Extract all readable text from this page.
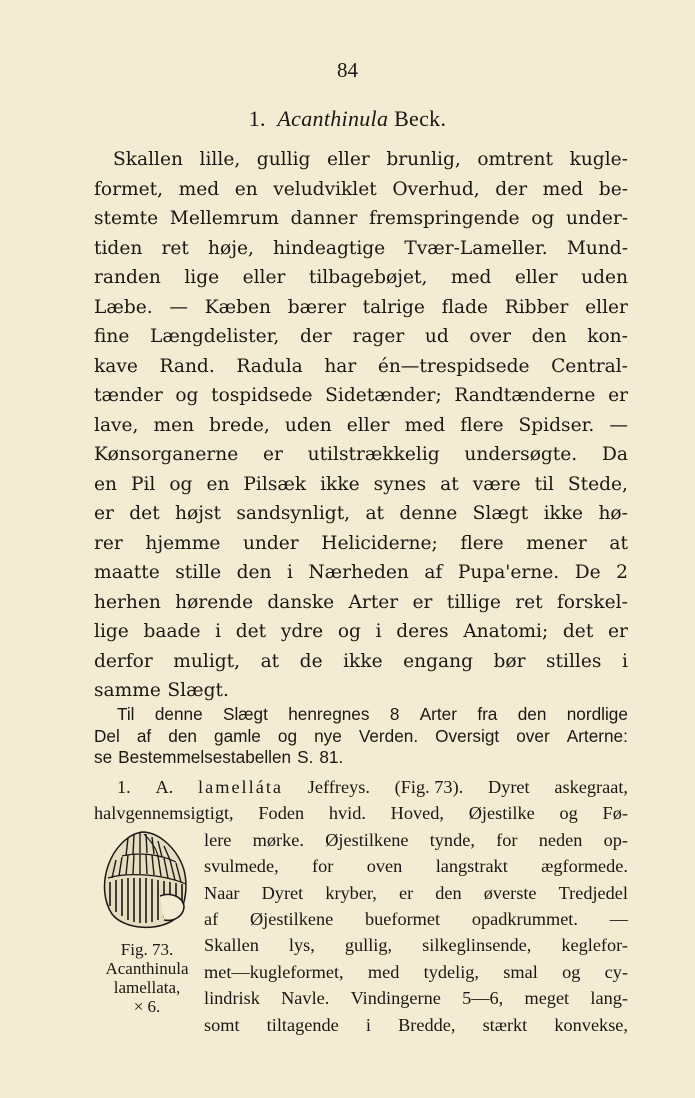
84
1. Acanthinula Beck.
Skallen lille, gullig eller brunlig, omtrent kugle-
formet, med en veludviklet Overhud, der med be-
stemte Mellemrum danner fremspringende og under-
tiden ret høje, hindeagtige Tvær-Lameller. Mund-
randen lige eller tilbagebøjet, med eller uden
Læbe. — Kæben bærer talrige flade Ribber eller
fine Længdelister, der rager ud over den kon-
kave Rand. Radula har én—trespidsede Central-
tænder og tospidsede Sidetænder; Randtænderne er
lave, men brede, uden eller med flere Spidser. —
Kønsorganerne er utilstrækkelig undersøgte. Da
en Pil og en Pilsæk ikke synes at være til Stede,
er det højst sandsynligt, at denne Slægt ikke hø-
rer hjemme under Heliciderne; flere mener at
maatte stille den i Nærheden af Pupa'erne. De 2
herhen hørende danske Arter er tillige ret forskel-
lige baade i det ydre og i deres Anatomi; det er
derfor muligt, at de ikke engang bør stilles i
samme Slægt.
Til denne Slægt henregnes 8 Arter fra den nordlige
Del af den gamle og nye Verden. Oversigt over Arterne:
se Bestemmelsestabellen S. 81.
1. A. lamelláta Jeffreys. (Fig. 73). Dyret askegraat,
halvgennemsigtigt, Foden hvid. Hoved, Øjestilke og Fø-
lere mørke. Øjestilkene tynde, for neden op-
svulmede, for oven langstrakt ægformede.
Naar Dyret kryber, er den øverste Tredjedel
af Øjestilkene bueformet opadkrummet. —
Skallen lys, gullig, silkeglinsende, keglefor-
met—kugleformet, med tydelig, smal og cy-
lindrisk Navle. Vindingerne 5—6, meget lang-
somt tiltagende i Bredde, stærkt konvekse,
Fig. 73.
Acanthinula
lamellata,
× 6.
